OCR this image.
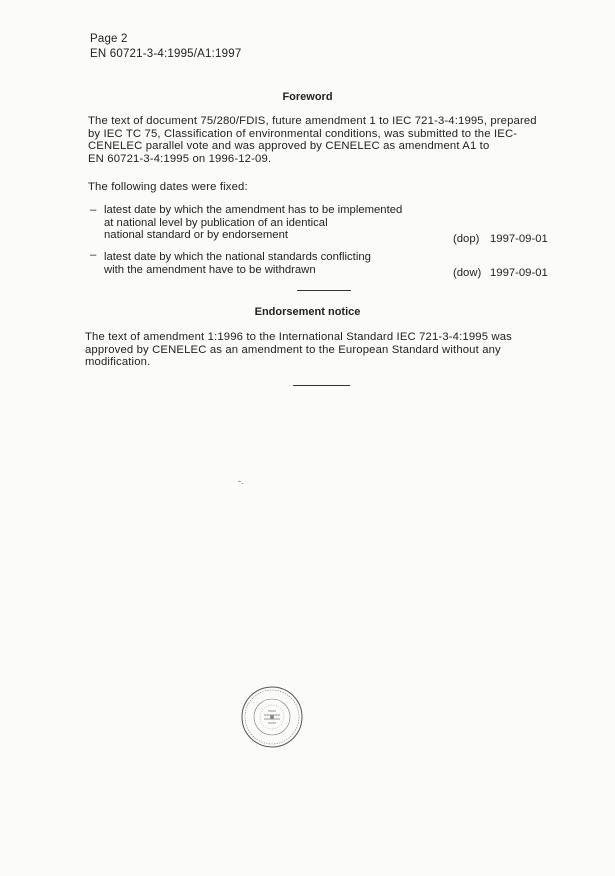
Page 2
EN 60721-3-4:1995/A1:1997
Foreword
The text of document 75/280/FDIS, future amendment 1 to IEC 721-3-4:1995, prepared
by IEC TC 75, Classification of environmental conditions, was submitted to the IEC-
CENELEC parallel vote and was approved by CENELEC as amendment A1 to
EN 60721-3-4:1995 on 1996-12-09.
The following dates were fixed:
– latest date by which the amendment has to be implemented
at national level by publication of an identical
national standard or by endorsement	(dop) 1997-09-01
– latest date by which the national standards conflicting
with the amendment have to be withdrawn	(dow) 1997-09-01
Endorsement notice
The text of amendment 1:1996 to the International Standard IEC 721-3-4:1995 was
approved by CENELEC as an amendment to the European Standard without any
modification.
-.
